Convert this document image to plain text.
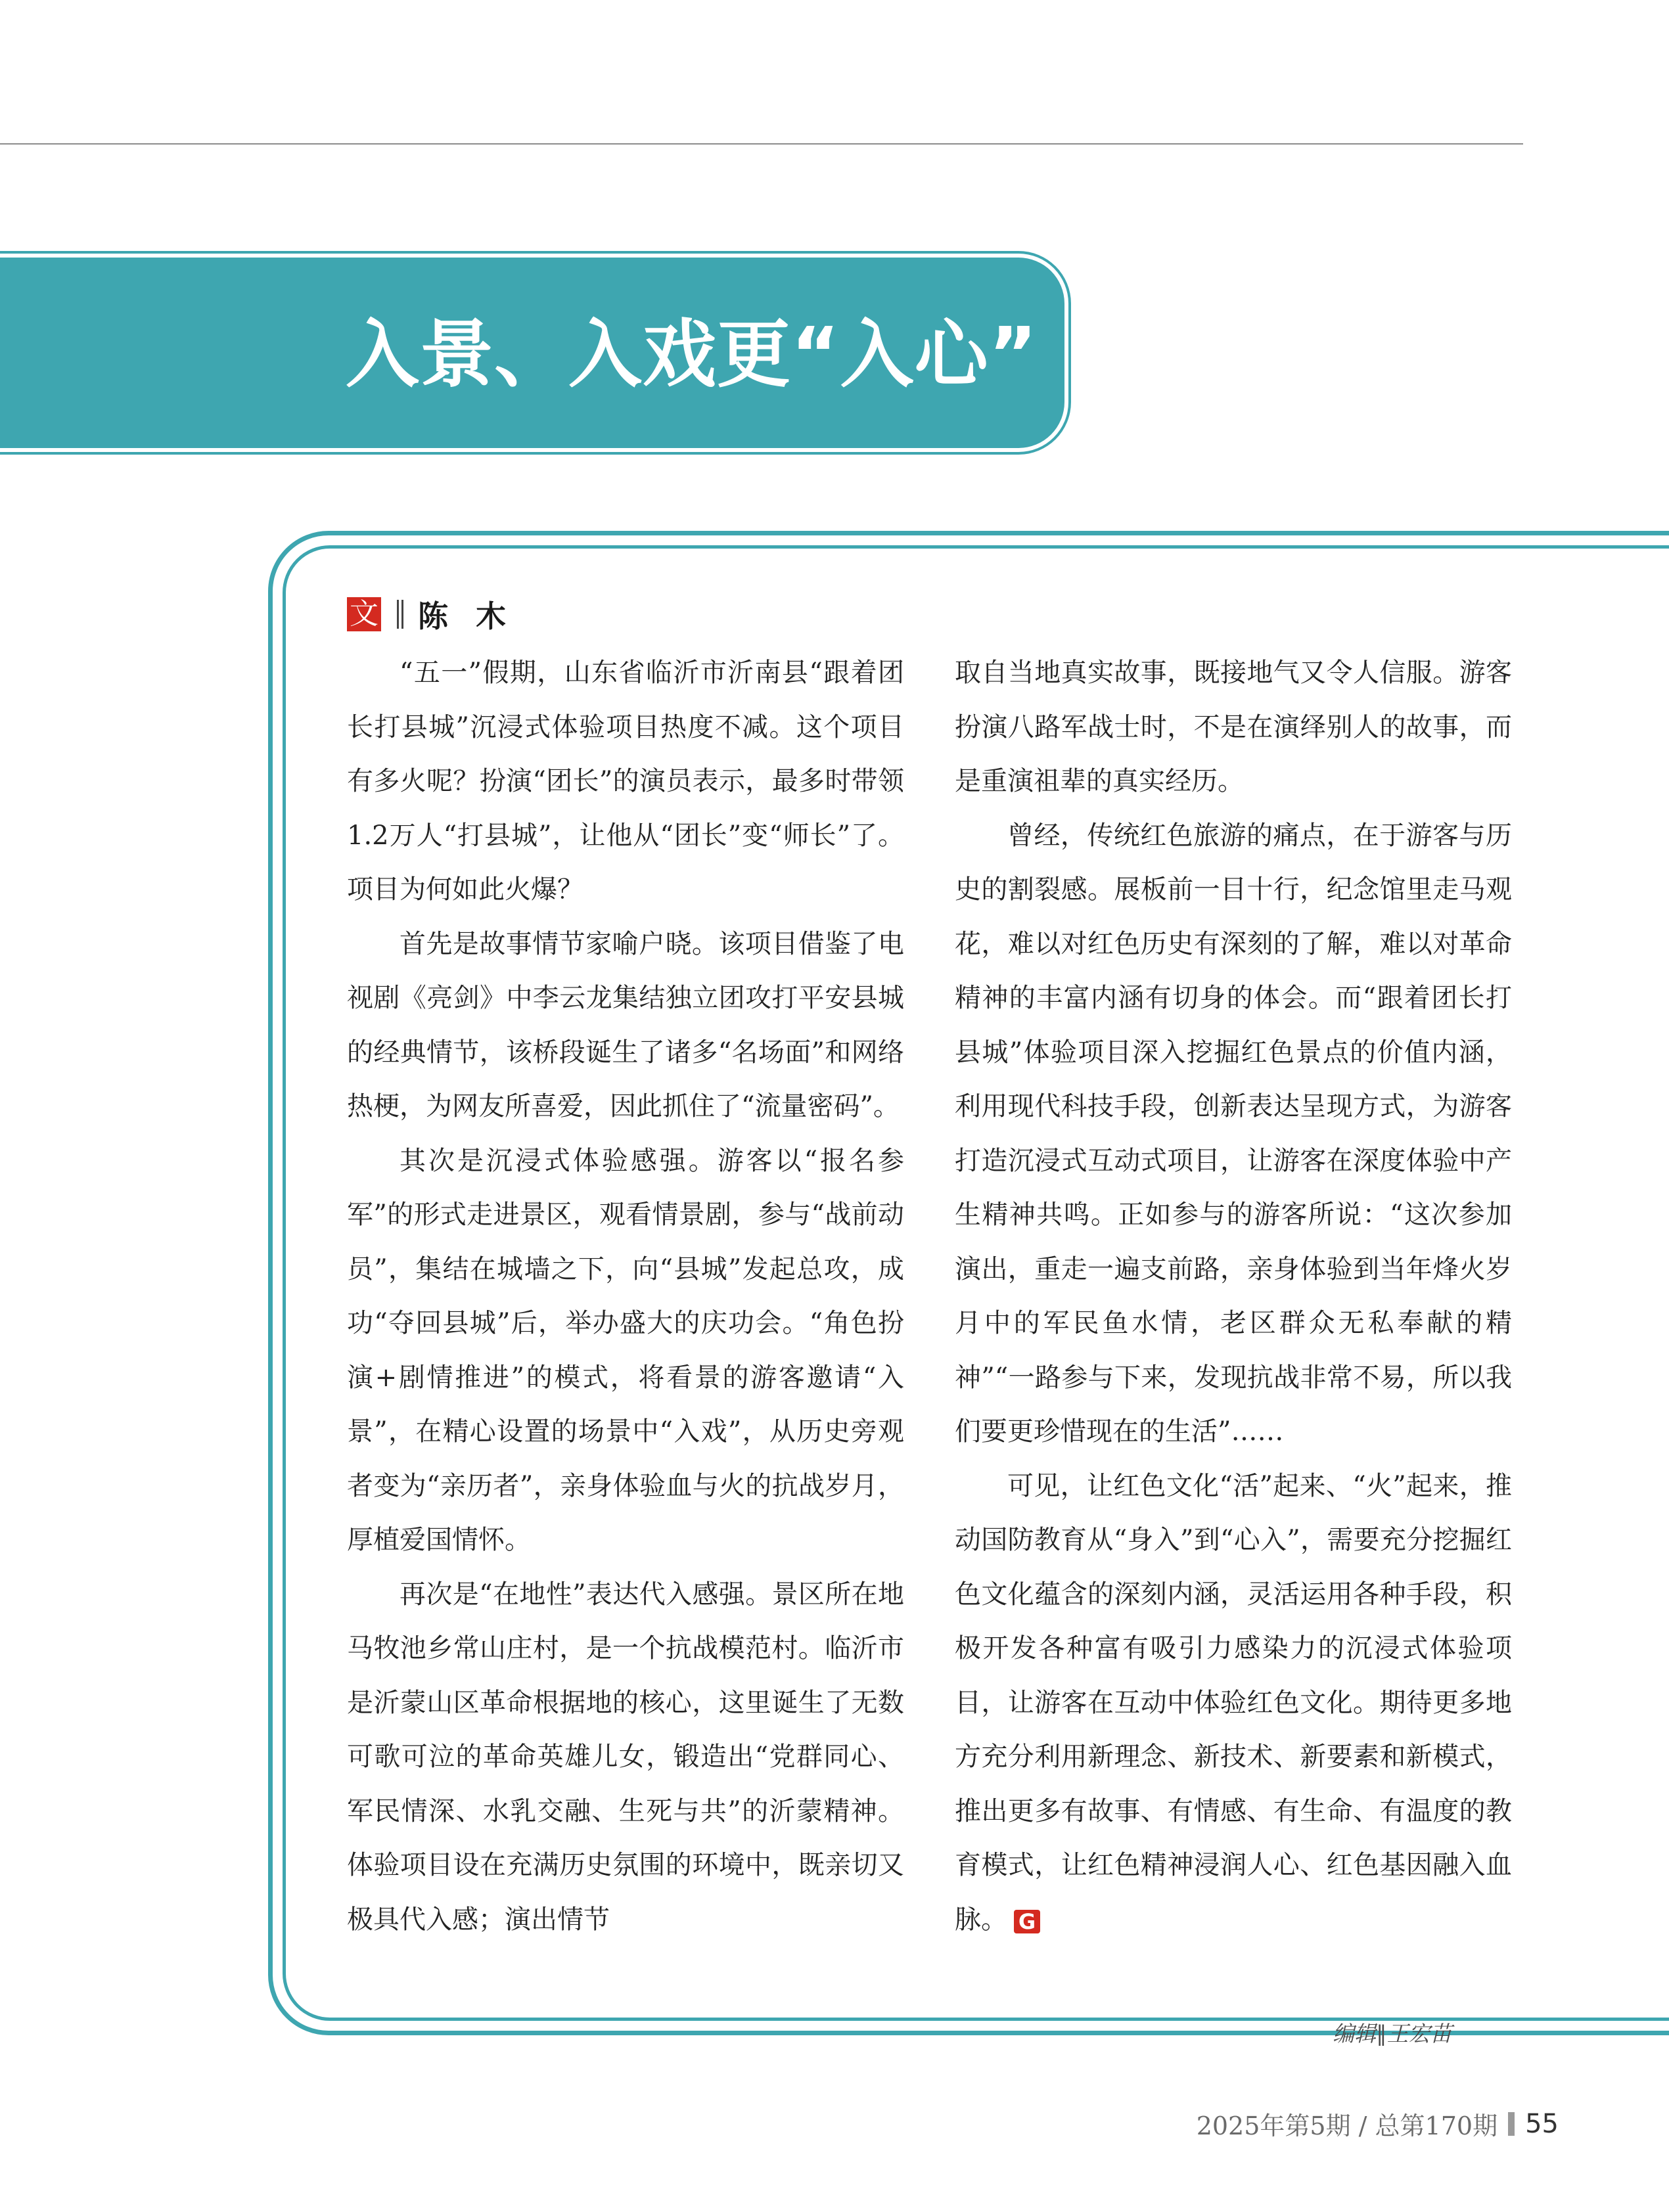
入景、入戏更“入心”
文 陈木

“五一”假期，山东省临沂市沂南县“跟着团长打县城”沉浸式体验项目热度不减。这个项目有多火呢？扮演“团长”的演员表示，最多时带领1.2万人“打县城”，让他从“团长”变“师长”了。项目为何如此火爆？

首先是故事情节家喻户晓。该项目借鉴了电视剧《亮剑》中李云龙集结独立团攻打平安县城的经典情节，该桥段诞生了诸多“名场面”和网络热梗，为网友所喜爱，因此抓住了“流量密码”。

其次是沉浸式体验感强。游客以“报名参军”的形式走进景区，观看情景剧，参与“战前动员”，集结在城墙之下，向“县城”发起总攻，成功“夺回县城”后，举办盛大的庆功会。“角色扮演+剧情推进”的模式，将看景的游客邀请“入景”，在精心设置的场景中“入戏”，从历史旁观者变为“亲历者”，亲身体验血与火的抗战岁月，厚植爱国情怀。

再次是“在地性”表达代入感强。景区所在地马牧池乡常山庄村，是一个抗战模范村。临沂市是沂蒙山区革命根据地的核心，这里诞生了无数可歌可泣的革命英雄儿女，锻造出“党群同心、军民情深、水乳交融、生死与共”的沂蒙精神。体验项目设在充满历史氛围的环境中，既亲切又极具代入感；演出情节

取自当地真实故事，既接地气又令人信服。游客扮演八路军战士时，不是在演绎别人的故事，而是重演祖辈的真实经历。

曾经，传统红色旅游的痛点，在于游客与历史的割裂感。展板前一目十行，纪念馆里走马观花，难以对红色历史有深刻的了解，难以对革命精神的丰富内涵有切身的体会。而“跟着团长打县城”体验项目深入挖掘红色景点的价值内涵，利用现代科技手段，创新表达呈现方式，为游客打造沉浸式互动式项目，让游客在深度体验中产生精神共鸣。正如参与的游客所说：“这次参加演出，重走一遍支前路，亲身体验到当年烽火岁月中的军民鱼水情，老区群众无私奉献的精神”“一路参与下来，发现抗战非常不易，所以我们要更珍惜现在的生活”……

可见，让红色文化“活”起来、“火”起来，推动国防教育从“身入”到“心入”，需要充分挖掘红色文化蕴含的深刻内涵，灵活运用各种手段，积极开发各种富有吸引力感染力的沉浸式体验项目，让游客在互动中体验红色文化。期待更多地方充分利用新理念、新技术、新要素和新模式，推出更多有故事、有情感、有生命、有温度的教育模式，让红色精神浸润人心、红色基因融入血脉。 G

编辑∥王宏苗
2025年第5期 / 总第170期 55
